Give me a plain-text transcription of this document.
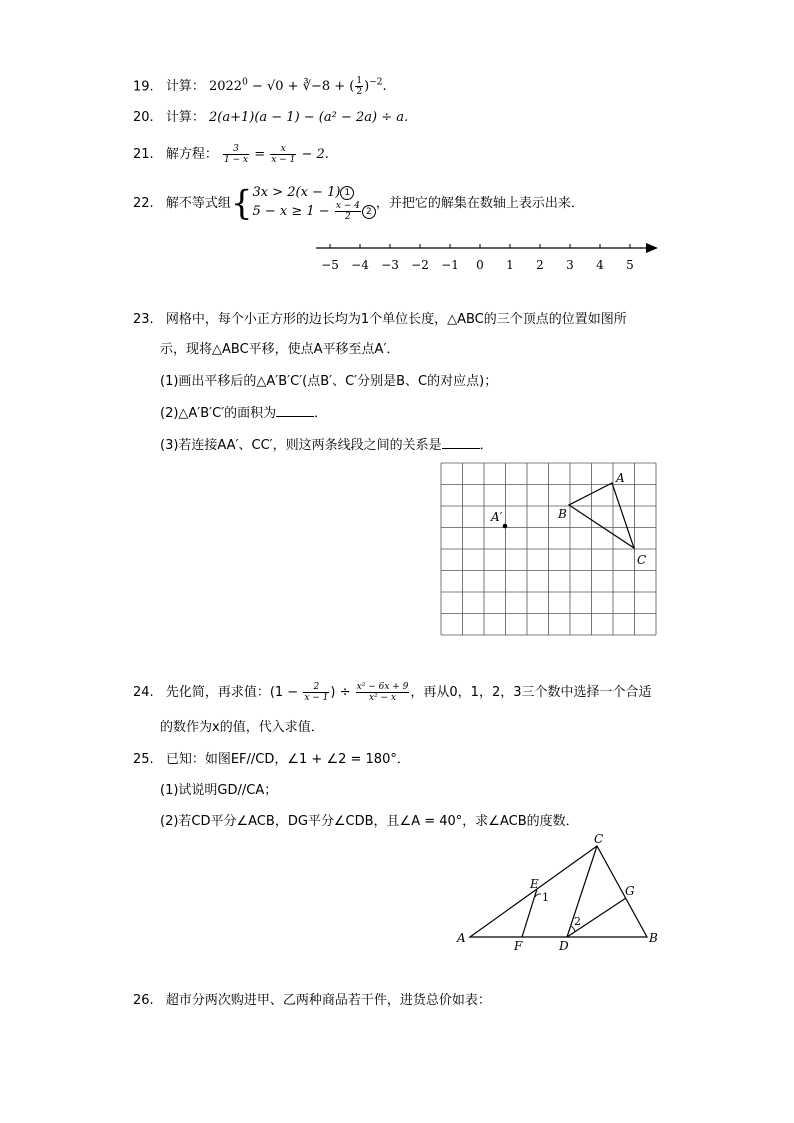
19. 计算： $2022^0 - √0$ + ∛−8 + ( $\frac{1}{2} )^{-2}$.
20. 计算： 2(a+1)(a − 1) − (a² − 2a) ÷ a.
21. 解方程： $\frac{3}{1 - x} = \frac{x}{x - 1} - 2$.
22. 解不等式组{ 3x > 2(x − 1) 1
$5 - x \ge 1 - \frac{x - 4}{2} 2$
，并把它的解集在数轴上表示出来．
−5 −4 −3 −2 −1 0 1 2 3 4 5
23. 网格中，每个小正方形的边长均为1个单位长度，△ABC的三个顶点的位置如图所
示，现将△ABC平移，使点A平移至点A′．
(1)画出平移后的△A′B′C′(点B′、C′分别是B、C的对应点)；
(2)△A′B′C′的面积为	．
(3)若连接AA′、CC′，则这两条线段之间的关系是	．
A
B
C
A′
24. 先化简，再求值：($1 - \frac{2}{x - 1}$ ) ÷ $\frac{\text{x² − 6x + 9}}{\text{x² − x}}$ ，再从0，1，2，3三个数中选择一个合适
的数作为x的值，代入求值．
25. 已知：如图EF//CD，∠1 + ∠2 = 180°．
(1)试说明GD//CA；
(2)若CD平分∠ACB，DG平分∠CDB，且∠A = 40°，求∠ACB的度数．
A	B
C
D
E
F
G
1
2
26. 超市分两次购进甲、乙两种商品若干件，进货总价如表：
